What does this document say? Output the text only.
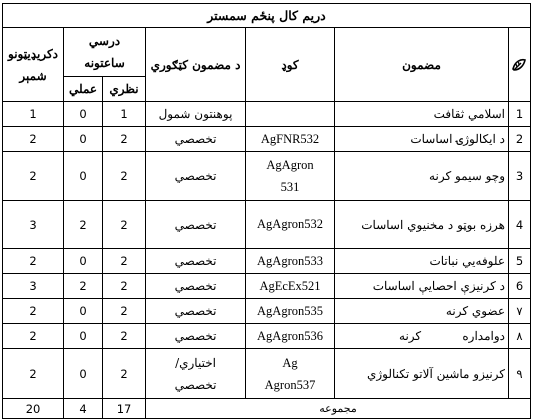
دریم کال پنځم سمستر						

	مضمون	کوډ	د مضمون کټګوري	درسي ساعتونه		دکریډیټونو شمېر
				نظري	عملي	
1	اسلامي ثقافت		پوهنتون شمول	1	0	1
2	د ایکالوژۍ اساسات	AgFNR532	تخصصي	2	0	2
3	وچو سیمو کرنه	AgAgron 531	تخصصي	2	0	2
4	هرزه بوټو د مخنیوي اساسات	AgAgron532	تخصصي	2	2	3
5	علوفه‌یي نباتات	AgAgron533	تخصصي	2	0	2
6	د کرنیزې احصایې اساسات	AgEcEx521	تخصصي	2	2	3
۷	عضوي کرنه	AgAgron535	تخصصي	2	0	2
۸	دوامداره کرنه	AgAgron536	تخصصي	2	0	2
۹	کرنیزو ماشین آلاتو تکنالوژي	Ag Agron537	اختیاري/ تخصصي	2	0	2
مجموعه				17	4	20
